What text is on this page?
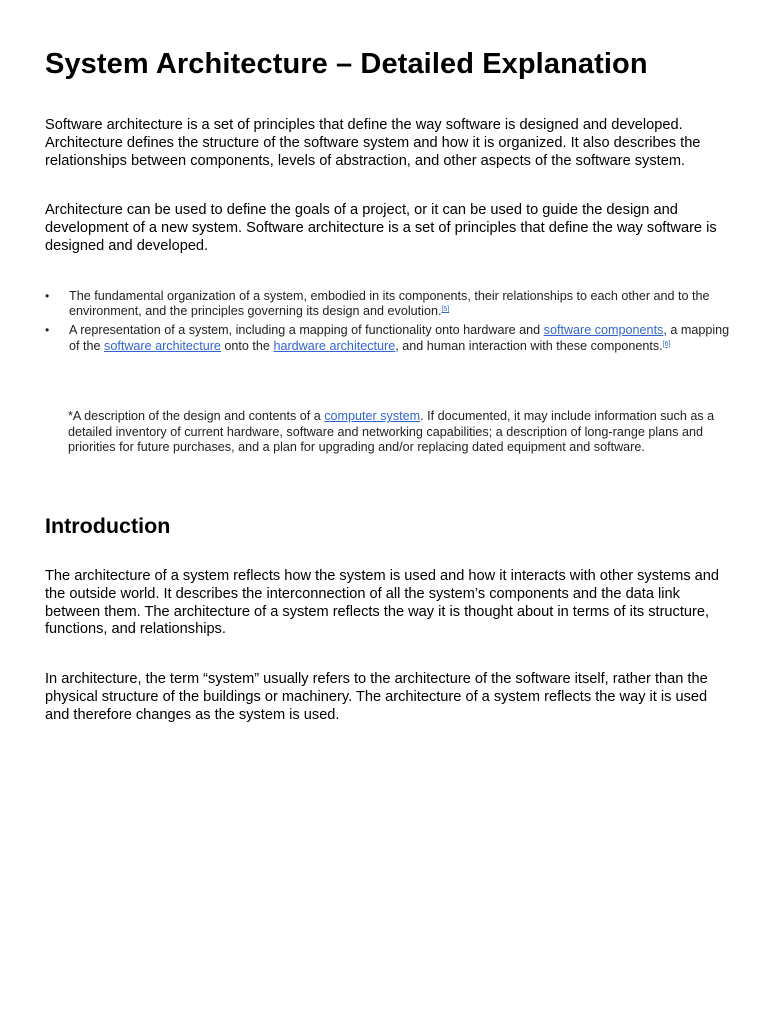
System Architecture – Detailed Explanation

Software architecture is a set of principles that define the way software is designed and developed. Architecture defines the structure of the software system and how it is organized. It also describes the relationships between components, levels of abstraction, and other aspects of the software system.

Architecture can be used to define the goals of a project, or it can be used to guide the design and development of a new system. Software architecture is a set of principles that define the way software is designed and developed.

• The fundamental organization of a system, embodied in its components, their relationships to each other and to the environment, and the principles governing its design and evolution.[5]
• A representation of a system, including a mapping of functionality onto hardware and software components, a mapping of the software architecture onto the hardware architecture, and human interaction with these components.[6]

*A description of the design and contents of a computer system. If documented, it may include information such as a detailed inventory of current hardware, software and networking capabilities; a description of long-range plans and priorities for future purchases, and a plan for upgrading and/or replacing dated equipment and software.

Introduction

The architecture of a system reflects how the system is used and how it interacts with other systems and the outside world. It describes the interconnection of all the system’s components and the data link between them. The architecture of a system reflects the way it is thought about in terms of its structure, functions, and relationships.

In architecture, the term “system” usually refers to the architecture of the software itself, rather than the physical structure of the buildings or machinery. The architecture of a system reflects the way it is used and therefore changes as the system is used.
